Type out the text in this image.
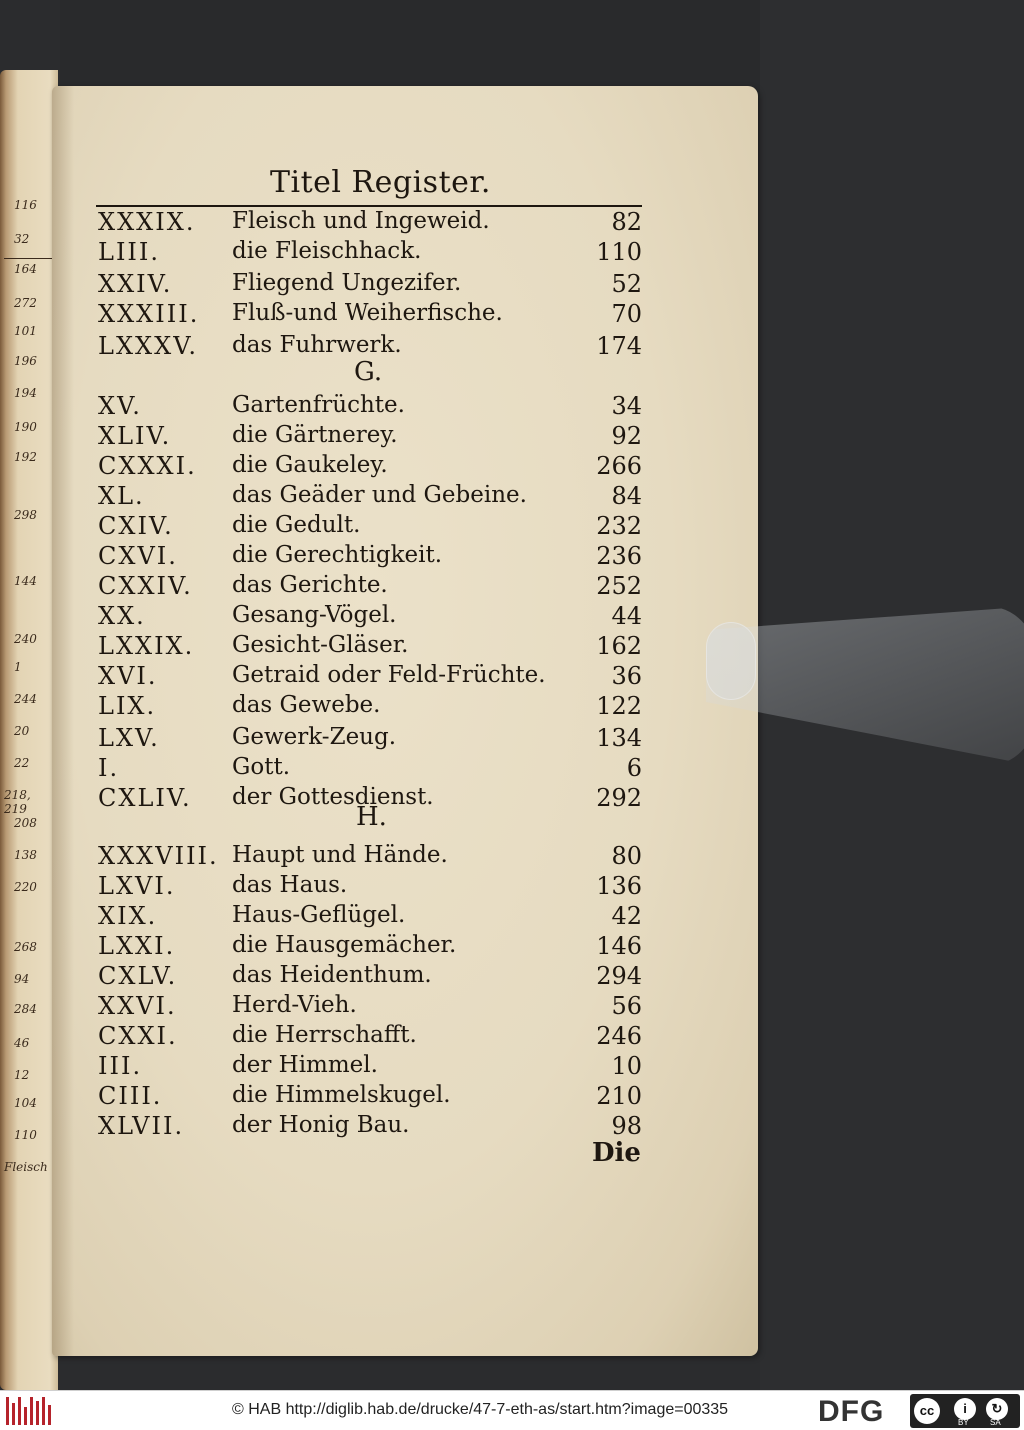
116
32
164
272
101
196
194
190
192
298
144
240
1
244
20
22
218, 219
208
138
220
268
94
284
46
12
104
110
Fleisch
Titel Register.
XXXIX. Fleisch und Ingeweid.	82
LIII.	die Fleischhack.	110
XXIV.	Fliegend Ungezifer.	52
XXXIII. Fluß-und Weiherfische.	70
LXXXV. das Fuhrwerk.	174
XV.	Gartenfrüchte.	34
XLIV.	die Gärtnerey.	92
CXXXI. die Gaukeley.	266
XL.	das Geäder und Gebeine.	84
CXIV.	die Gedult.	232
CXVI. die Gerechtigkeit.	236
CXXIV. das Gerichte.	252
XX.	Gesang-Vögel.	44
LXXIX. Gesicht-Gläser.	162
XVI.	Getraid oder Feld-Früchte.	36
LIX.	das Gewebe.	122
LXV.	Gewerk-Zeug.	134
I.	Gott.	6
CXLIV. der Gottesdienst.	292
XXXVIII. Haupt und Hände.	80
LXVI. das Haus.	136
XIX.	Haus-Geflügel.	42
LXXI. die Hausgemächer.	146
CXLV. das Heidenthum.	294
XXVI. Herd-Vieh.	56
CXXI. die Herrschafft.	246
III.	der Himmel.	10
CIII.	die Himmelskugel.	210
XLVII. der Honig Bau.	98
G.
H.
Die
© HAB http://diglib.hab.de/drucke/47-7-eth-as/start.htm?image=00335	DFG	cc	i	↻
BY	SA
